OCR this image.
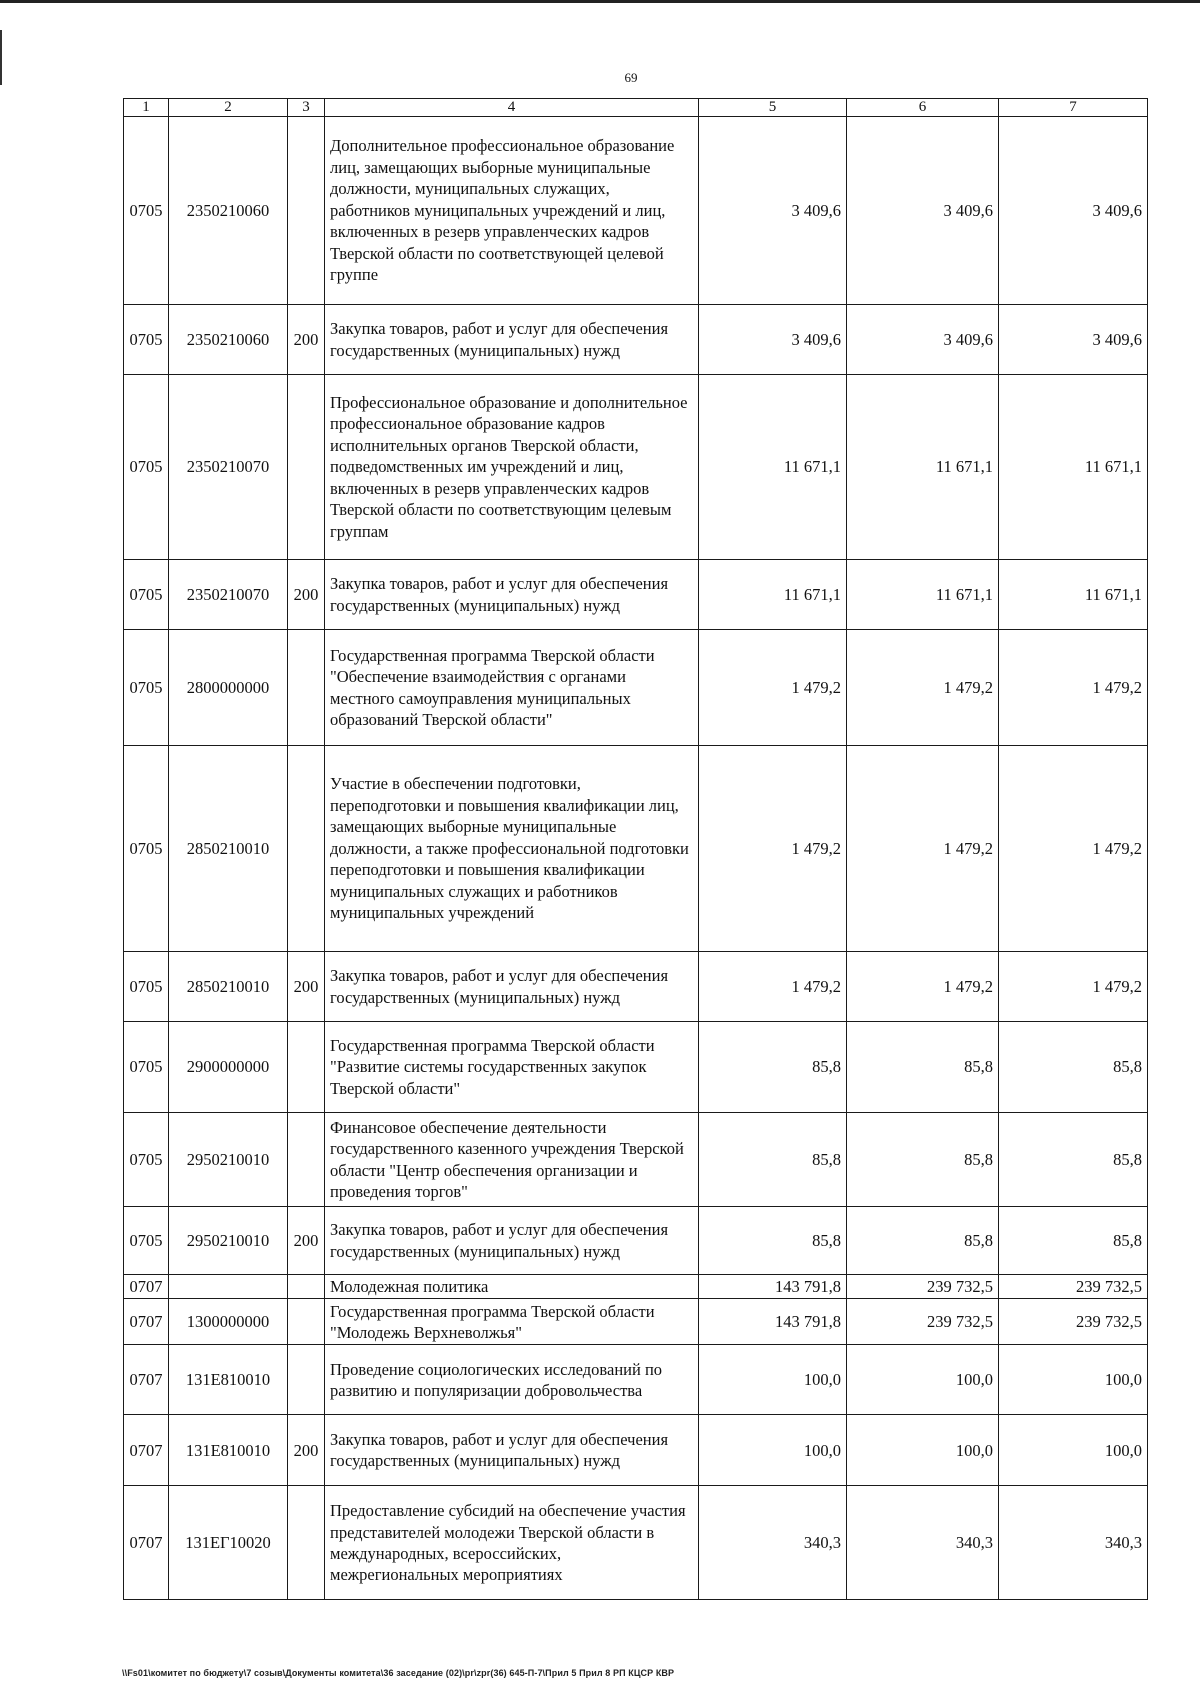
69
1	2	3	4	5	6	7
0705	2350210060		Дополнительное профессиональное образование лиц, замещающих выборные муниципальные должности, муниципальных служащих, работников муниципальных учреждений и лиц, включенных в резерв управленческих кадров Тверской области по соответствующей целевой группе	3 409,6	3 409,6	3 409,6
0705	2350210060	200	Закупка товаров, работ и услуг для обеспечения государственных (муниципальных) нужд	3 409,6	3 409,6	3 409,6
0705	2350210070		Профессиональное образование и дополнительное профессиональное образование кадров исполнительных органов Тверской области, подведомственных им учреждений и лиц, включенных в резерв управленческих кадров Тверской области по соответствующим целевым группам	11 671,1	11 671,1	11 671,1
0705	2350210070	200	Закупка товаров, работ и услуг для обеспечения государственных (муниципальных) нужд	11 671,1	11 671,1	11 671,1
0705	2800000000		Государственная программа Тверской области "Обеспечение взаимодействия с органами местного самоуправления муниципальных образований Тверской области"	1 479,2	1 479,2	1 479,2
0705	2850210010		Участие в обеспечении подготовки, переподготовки и повышения квалификации лиц, замещающих выборные муниципальные должности, а также профессиональной подготовки переподготовки и повышения квалификации муниципальных служащих и работников муниципальных учреждений	1 479,2	1 479,2	1 479,2
0705	2850210010	200	Закупка товаров, работ и услуг для обеспечения государственных (муниципальных) нужд	1 479,2	1 479,2	1 479,2
0705	2900000000		Государственная программа Тверской области "Развитие системы государственных закупок Тверской области"	85,8	85,8	85,8
0705	2950210010		Финансовое обеспечение деятельности государственного казенного учреждения Тверской области "Центр обеспечения организации и проведения торгов"	85,8	85,8	85,8
0705	2950210010	200	Закупка товаров, работ и услуг для обеспечения государственных (муниципальных) нужд	85,8	85,8	85,8
0707			Молодежная политика	143 791,8	239 732,5	239 732,5
0707	1300000000		Государственная программа Тверской области "Молодежь Верхневолжья"	143 791,8	239 732,5	239 732,5
0707	131Е810010		Проведение социологических исследований по развитию и популяризации добровольчества	100,0	100,0	100,0
0707	131Е810010	200	Закупка товаров, работ и услуг для обеспечения государственных (муниципальных) нужд	100,0	100,0	100,0
0707	131ЕГ10020		Предоставление субсидий на обеспечение участия представителей молодежи Тверской области в международных, всероссийских, межрегиональных мероприятиях	340,3	340,3	340,3
\\Fs01\комитет по бюджету\7 созыв\Документы комитета\36 заседание (02)\pr\zpr(36) 645-П-7\Прил 5 Прил 8 РП КЦСР КВР
